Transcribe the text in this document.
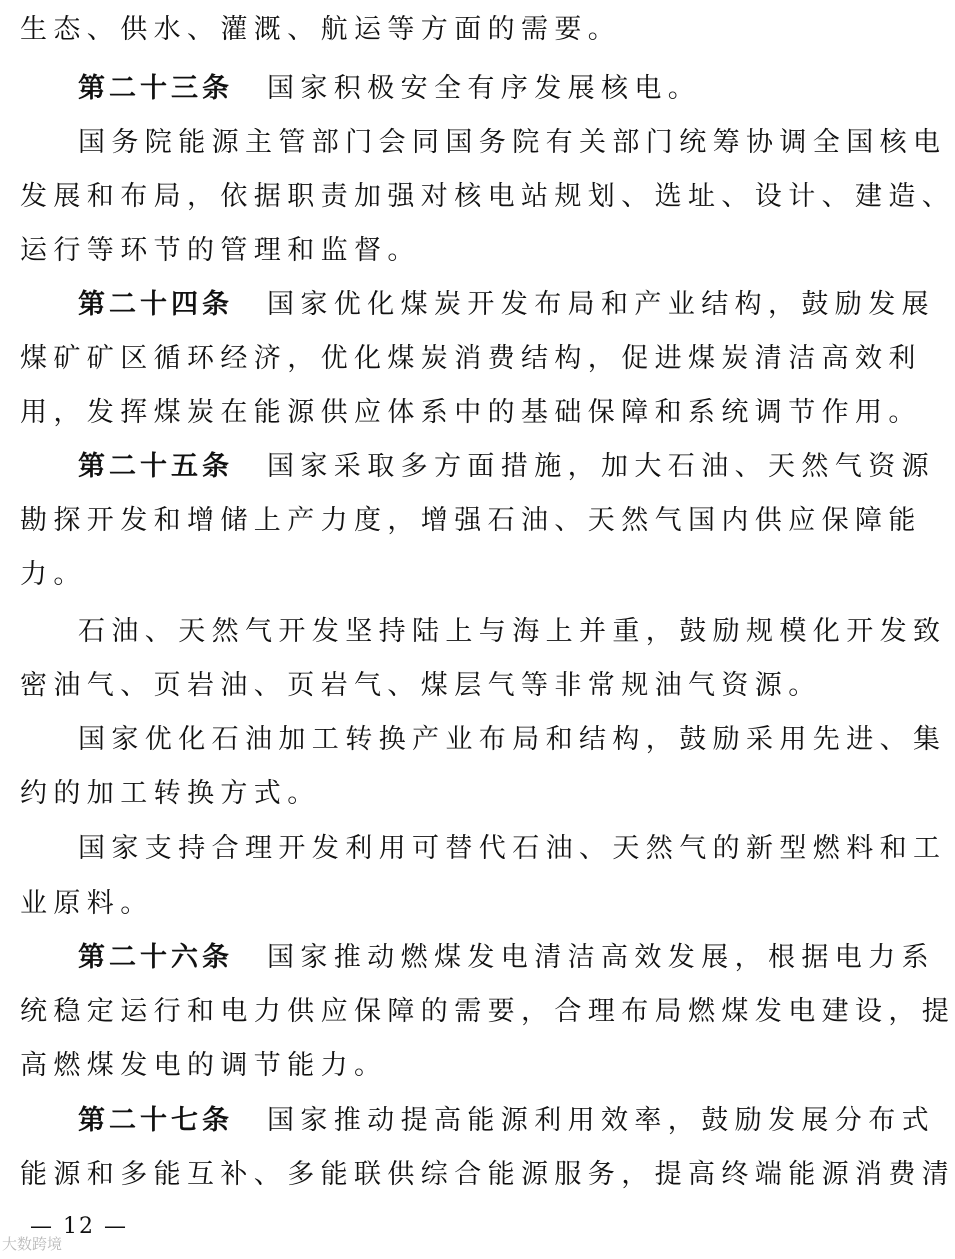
生态、供水、灌溉、航运等方面的需要。
第二十三条 国家积极安全有序发展核电。
国务院能源主管部门会同国务院有关部门统筹协调全国核电
发展和布局，依据职责加强对核电站规划、选址、设计、建造、
运行等环节的管理和监督。
第二十四条 国家优化煤炭开发布局和产业结构，鼓励发展
煤矿矿区循环经济，优化煤炭消费结构，促进煤炭清洁高效利
用，发挥煤炭在能源供应体系中的基础保障和系统调节作用。
第二十五条 国家采取多方面措施，加大石油、天然气资源
勘探开发和增储上产力度，增强石油、天然气国内供应保障能
力。
石油、天然气开发坚持陆上与海上并重，鼓励规模化开发致
密油气、页岩油、页岩气、煤层气等非常规油气资源。
国家优化石油加工转换产业布局和结构，鼓励采用先进、集
约的加工转换方式。
国家支持合理开发利用可替代石油、天然气的新型燃料和工
业原料。
第二十六条 国家推动燃煤发电清洁高效发展，根据电力系
统稳定运行和电力供应保障的需要，合理布局燃煤发电建设，提
高燃煤发电的调节能力。
第二十七条 国家推动提高能源利用效率，鼓励发展分布式
能源和多能互补、多能联供综合能源服务，提高终端能源消费清
— 12 —
大数跨境
